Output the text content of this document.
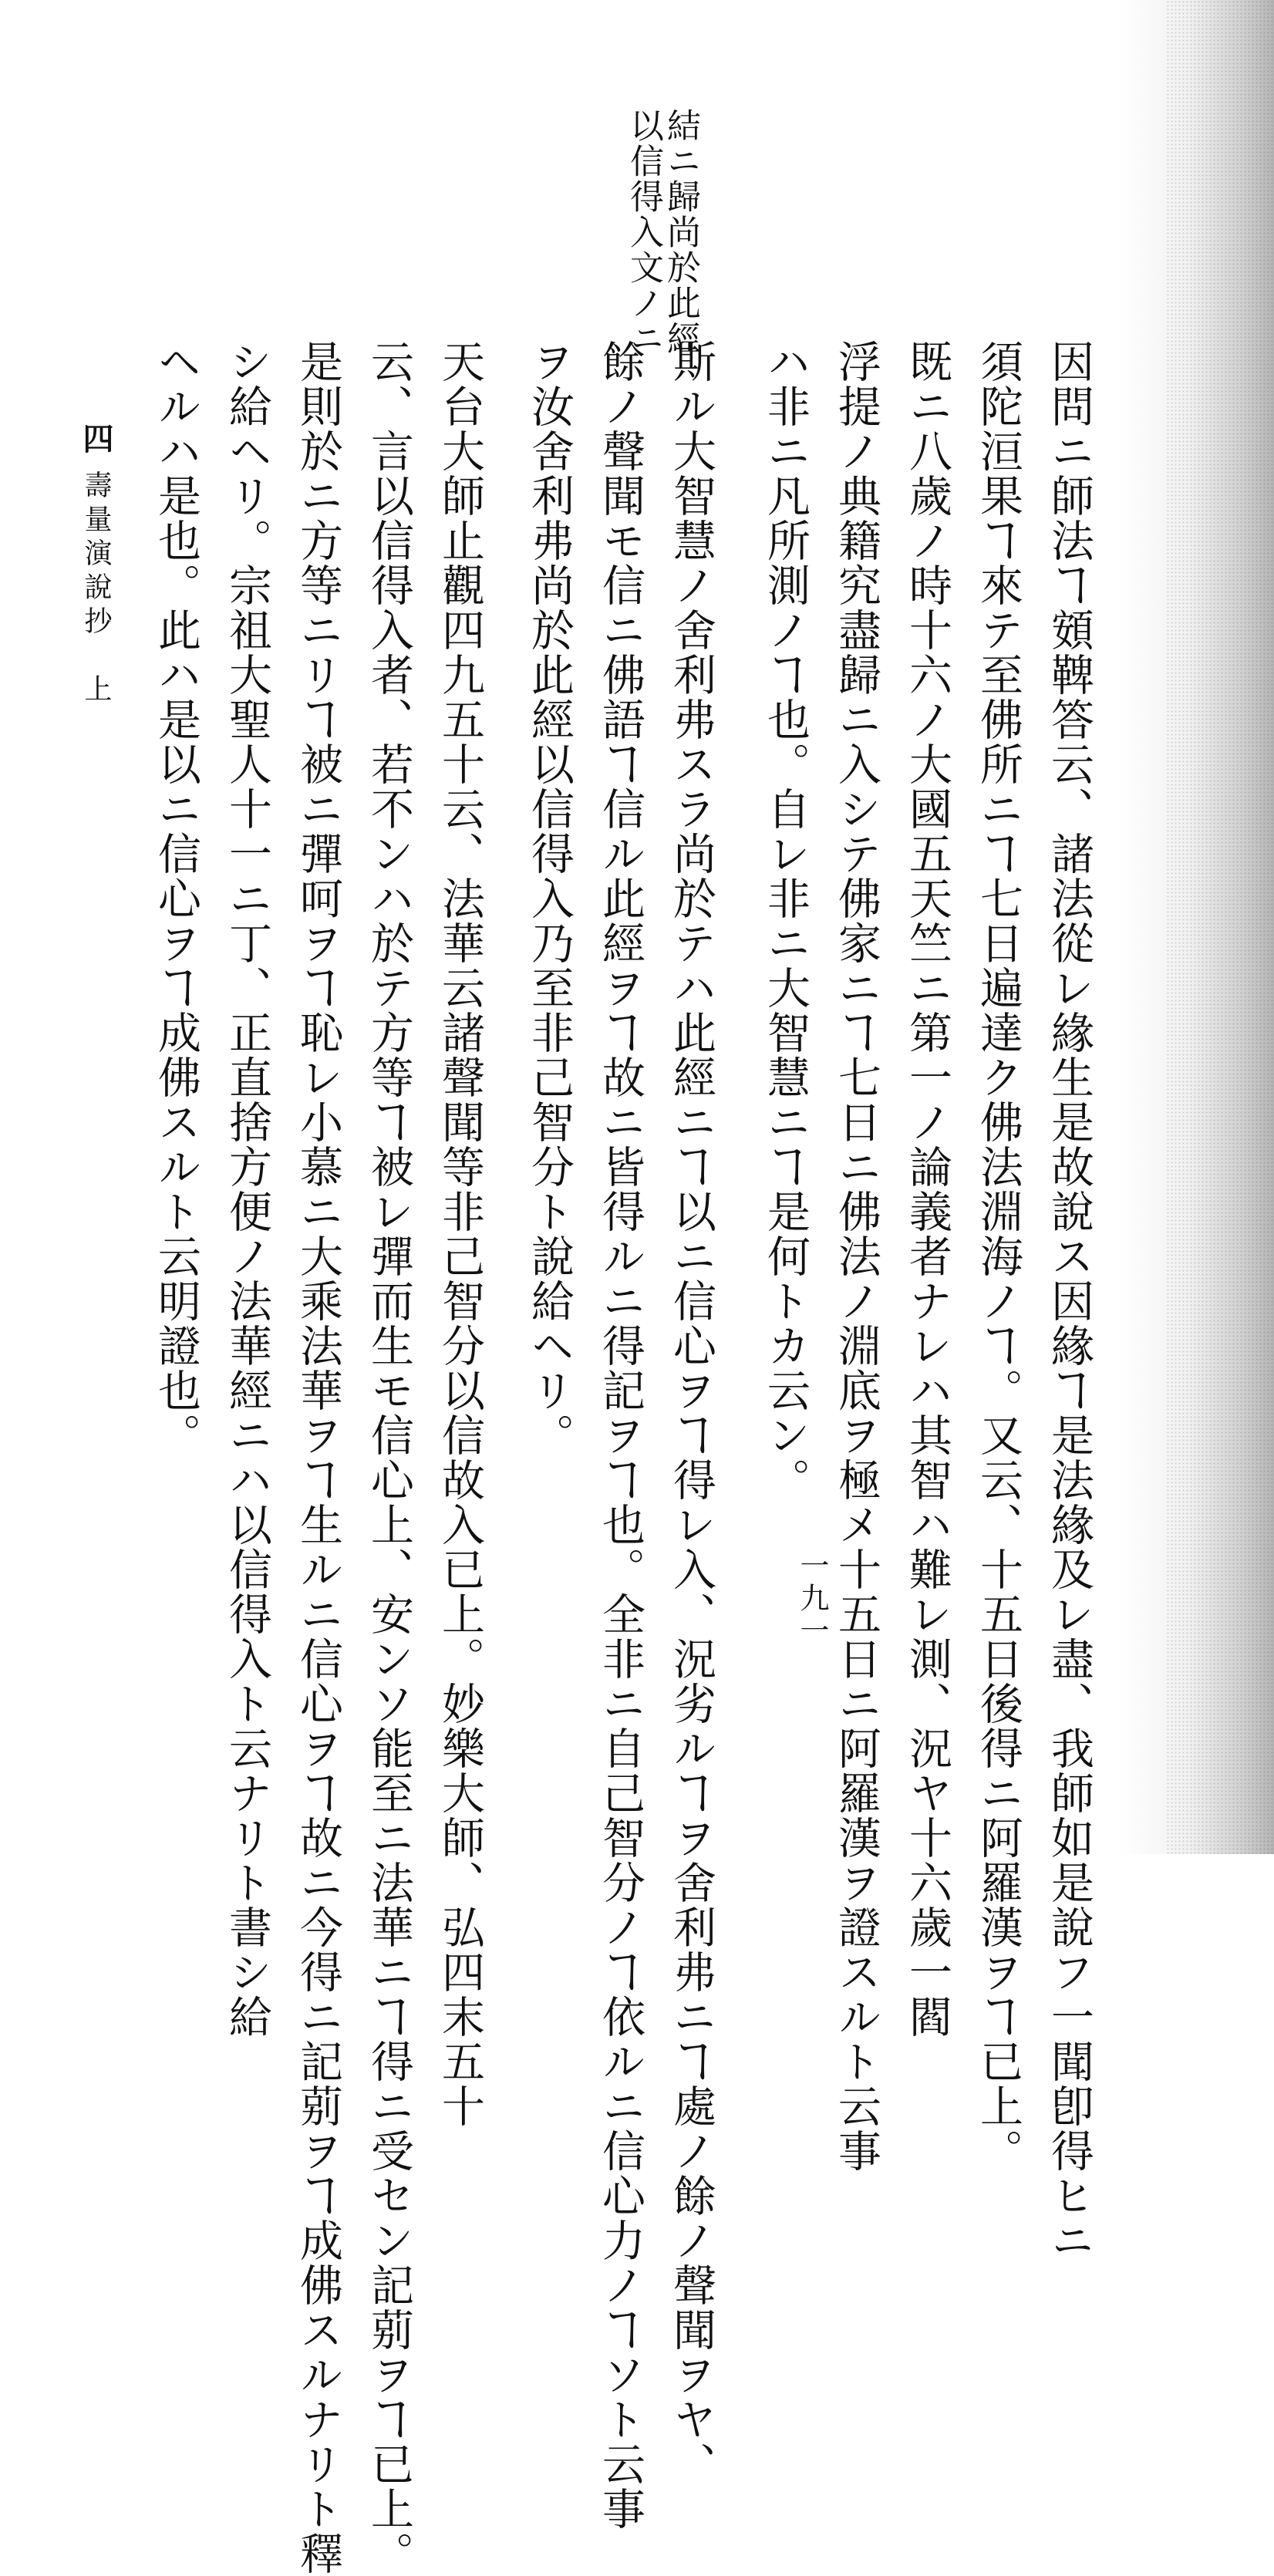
結ニ歸尚於此經

以信得入文ノニ

因問ニ師法ヿ頞鞞答云、諸法從レ緣生是故說ス因緣ヿ是法緣及レ盡、我師如是說フ一聞卽得ヒニ

須陀洹果ヿ來テ至佛所ニヿ七日遍達ク佛法淵海ノヿ。又云、十五日後得ニ阿羅漢ヲヿ已上。

既ニ八歲ノ時十六ノ大國五天竺ニ第一ノ論義者ナレハ其智ハ難レ測、況ヤ十六歲一閻

浮提ノ典籍究盡歸ニ入シテ佛家ニヿ七日ニ佛法ノ淵底ヲ極メ十五日ニ阿羅漢ヲ證スルト云事

ハ非ニ凡所測ノヿ也。自レ非ニ大智慧ニヿ是何トカ云ン。

斯ル大智慧ノ舍利弗スラ尚於テハ此經ニヿ以ニ信心ヲヿ得レ入、況劣ルヿヲ舍利弗ニヿ處ノ餘ノ聲聞ヲヤ、

餘ノ聲聞モ信ニ佛語ヿ信ル此經ヲヿ故ニ皆得ルニ得記ヲヿ也。全非ニ自己智分ノヿ依ルニ信心力ノヿソト云事

ヲ汝舍利弗尚於此經以信得入乃至非己智分ト說給ヘリ。

天台大師止觀四九五十云、法華云諸聲聞等非己智分以信故入已上。妙樂大師、弘四末五十

云、言以信得入者、若不ンハ於テ方等ヿ被レ彈而生モ信心上、安ンソ能至ニ法華ニヿ得ニ受セン記莂ヲヿ已上。

是則於ニ方等ニリヿ被ニ彈呵ヲヿ恥レ小慕ニ大乘法華ヲヿ生ルニ信心ヲヿ故ニ今得ニ記莂ヲヿ成佛スルナリト釋

シ給ヘリ。宗祖大聖人十一ニ丁、正直捨方便ノ法華經ニハ以信得入ト云ナリト書シ給

ヘルハ是也。此ハ是以ニ信心ヲヿ成佛スルト云明證也。

四

壽量演說抄　上

一九一
